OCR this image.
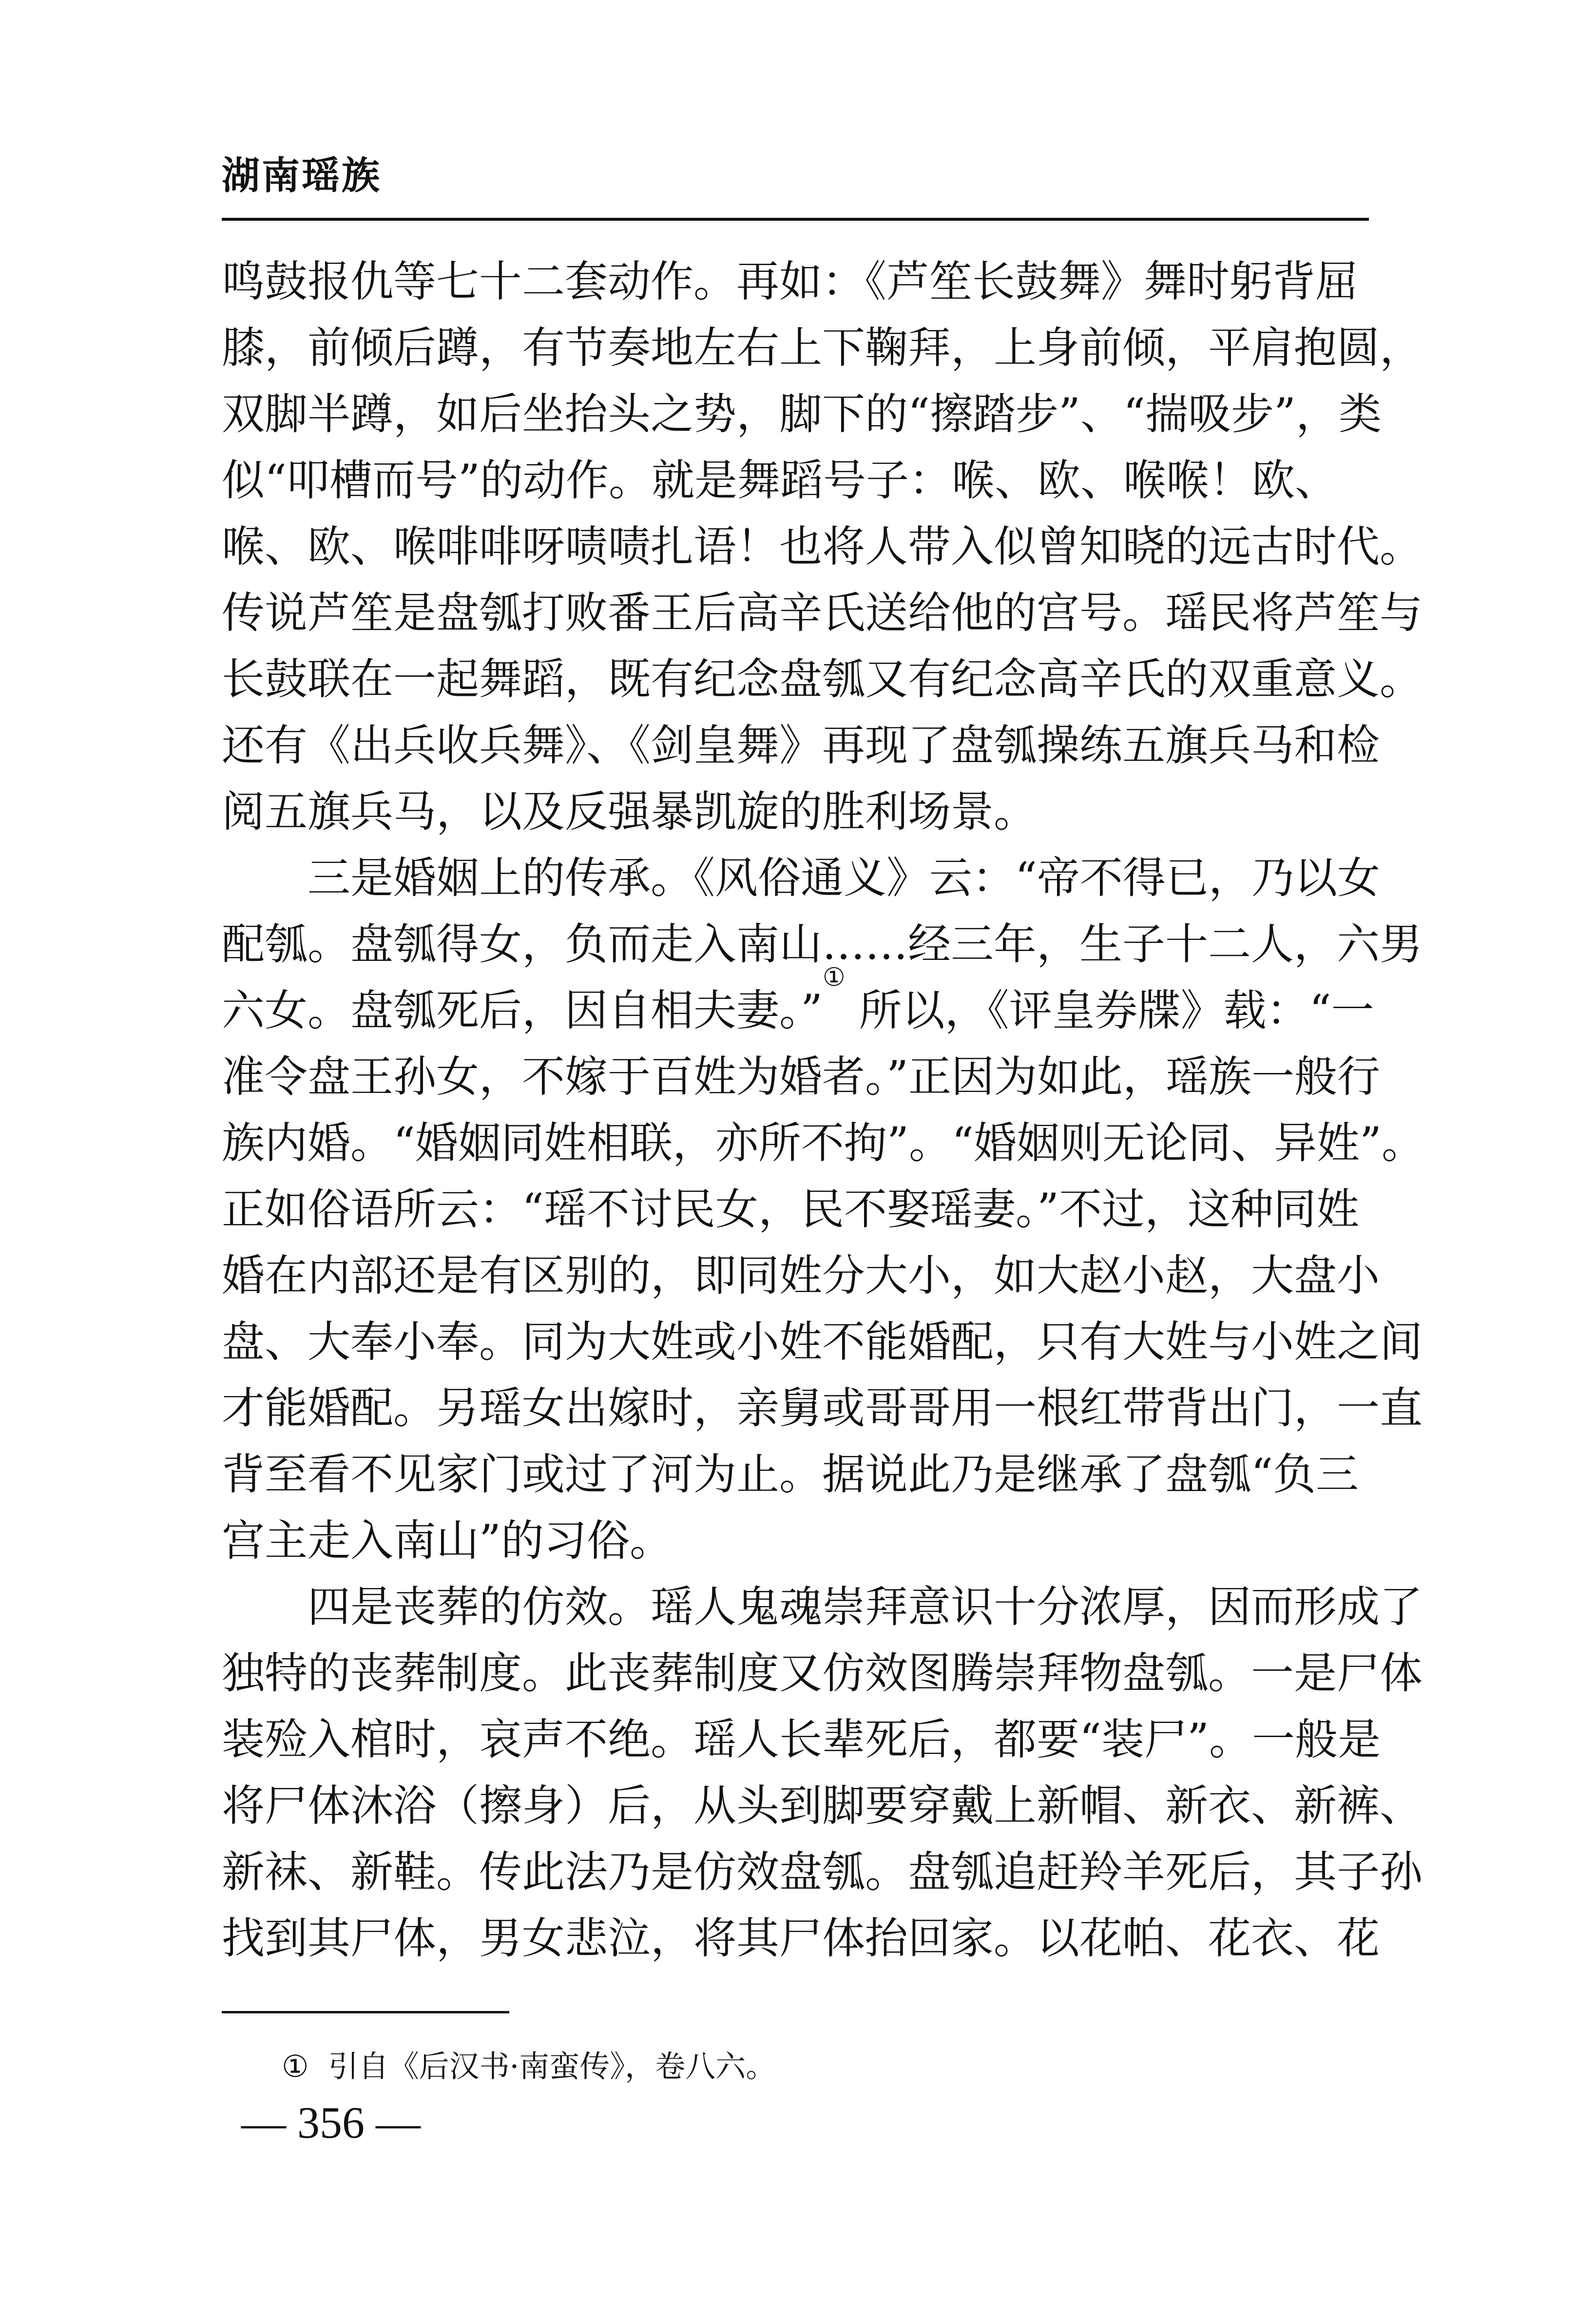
湖南瑶族
鸣鼓报仇等七十二套动作。再如：《芦笙长鼓舞》舞时躬背屈
膝，前倾后蹲，有节奏地左右上下鞠拜，上身前倾，平肩抱圆，
双脚半蹲，如后坐抬头之势，脚下的“擦踏步”、“揣吸步”，类
似“叩槽而号”的动作。就是舞蹈号子：喉、欧、喉喉！欧、
喉、欧、喉啡啡呀啧啧扎语！也将人带入似曾知晓的远古时代。
传说芦笙是盘瓠打败番王后高辛氏送给他的宫号。瑶民将芦笙与
长鼓联在一起舞蹈，既有纪念盘瓠又有纪念高辛氏的双重意义。
还有《出兵收兵舞》、《剑皇舞》再现了盘瓠操练五旗兵马和检
阅五旗兵马，以及反强暴凯旋的胜利场景。
三是婚姻上的传承。《风俗通义》云：“帝不得已，乃以女
配瓠。盘瓠得女，负而走入南山……经三年，生子十二人，六男
六女。盘瓠死后，因自相夫妻。”
①
所以，《评皇券牒》载：“一
准令盘王孙女，不嫁于百姓为婚者。”正因为如此，瑶族一般行
族内婚。“婚姻同姓相联，亦所不拘”。“婚姻则无论同、异姓”。
正如俗语所云：“瑶不讨民女，民不娶瑶妻。”不过，这种同姓
婚在内部还是有区别的，即同姓分大小，如大赵小赵，大盘小
盘、大奉小奉。同为大姓或小姓不能婚配，只有大姓与小姓之间
才能婚配。另瑶女出嫁时，亲舅或哥哥用一根红带背出门，一直
背至看不见家门或过了河为止。据说此乃是继承了盘瓠“负三
宫主走入南山”的习俗。
四是丧葬的仿效。瑶人鬼魂崇拜意识十分浓厚，因而形成了
独特的丧葬制度。此丧葬制度又仿效图腾崇拜物盘瓠。一是尸体
装殓入棺时，哀声不绝。瑶人长辈死后，都要“装尸”。一般是
将尸体沐浴（擦身）后，从头到脚要穿戴上新帽、新衣、新裤、
新袜、新鞋。传此法乃是仿效盘瓠。盘瓠追赶羚羊死后，其子孙
找到其尸体，男女悲泣，将其尸体抬回家。以花帕、花衣、花
① 引自《后汉书·南蛮传》，卷八六。
— 356 —
